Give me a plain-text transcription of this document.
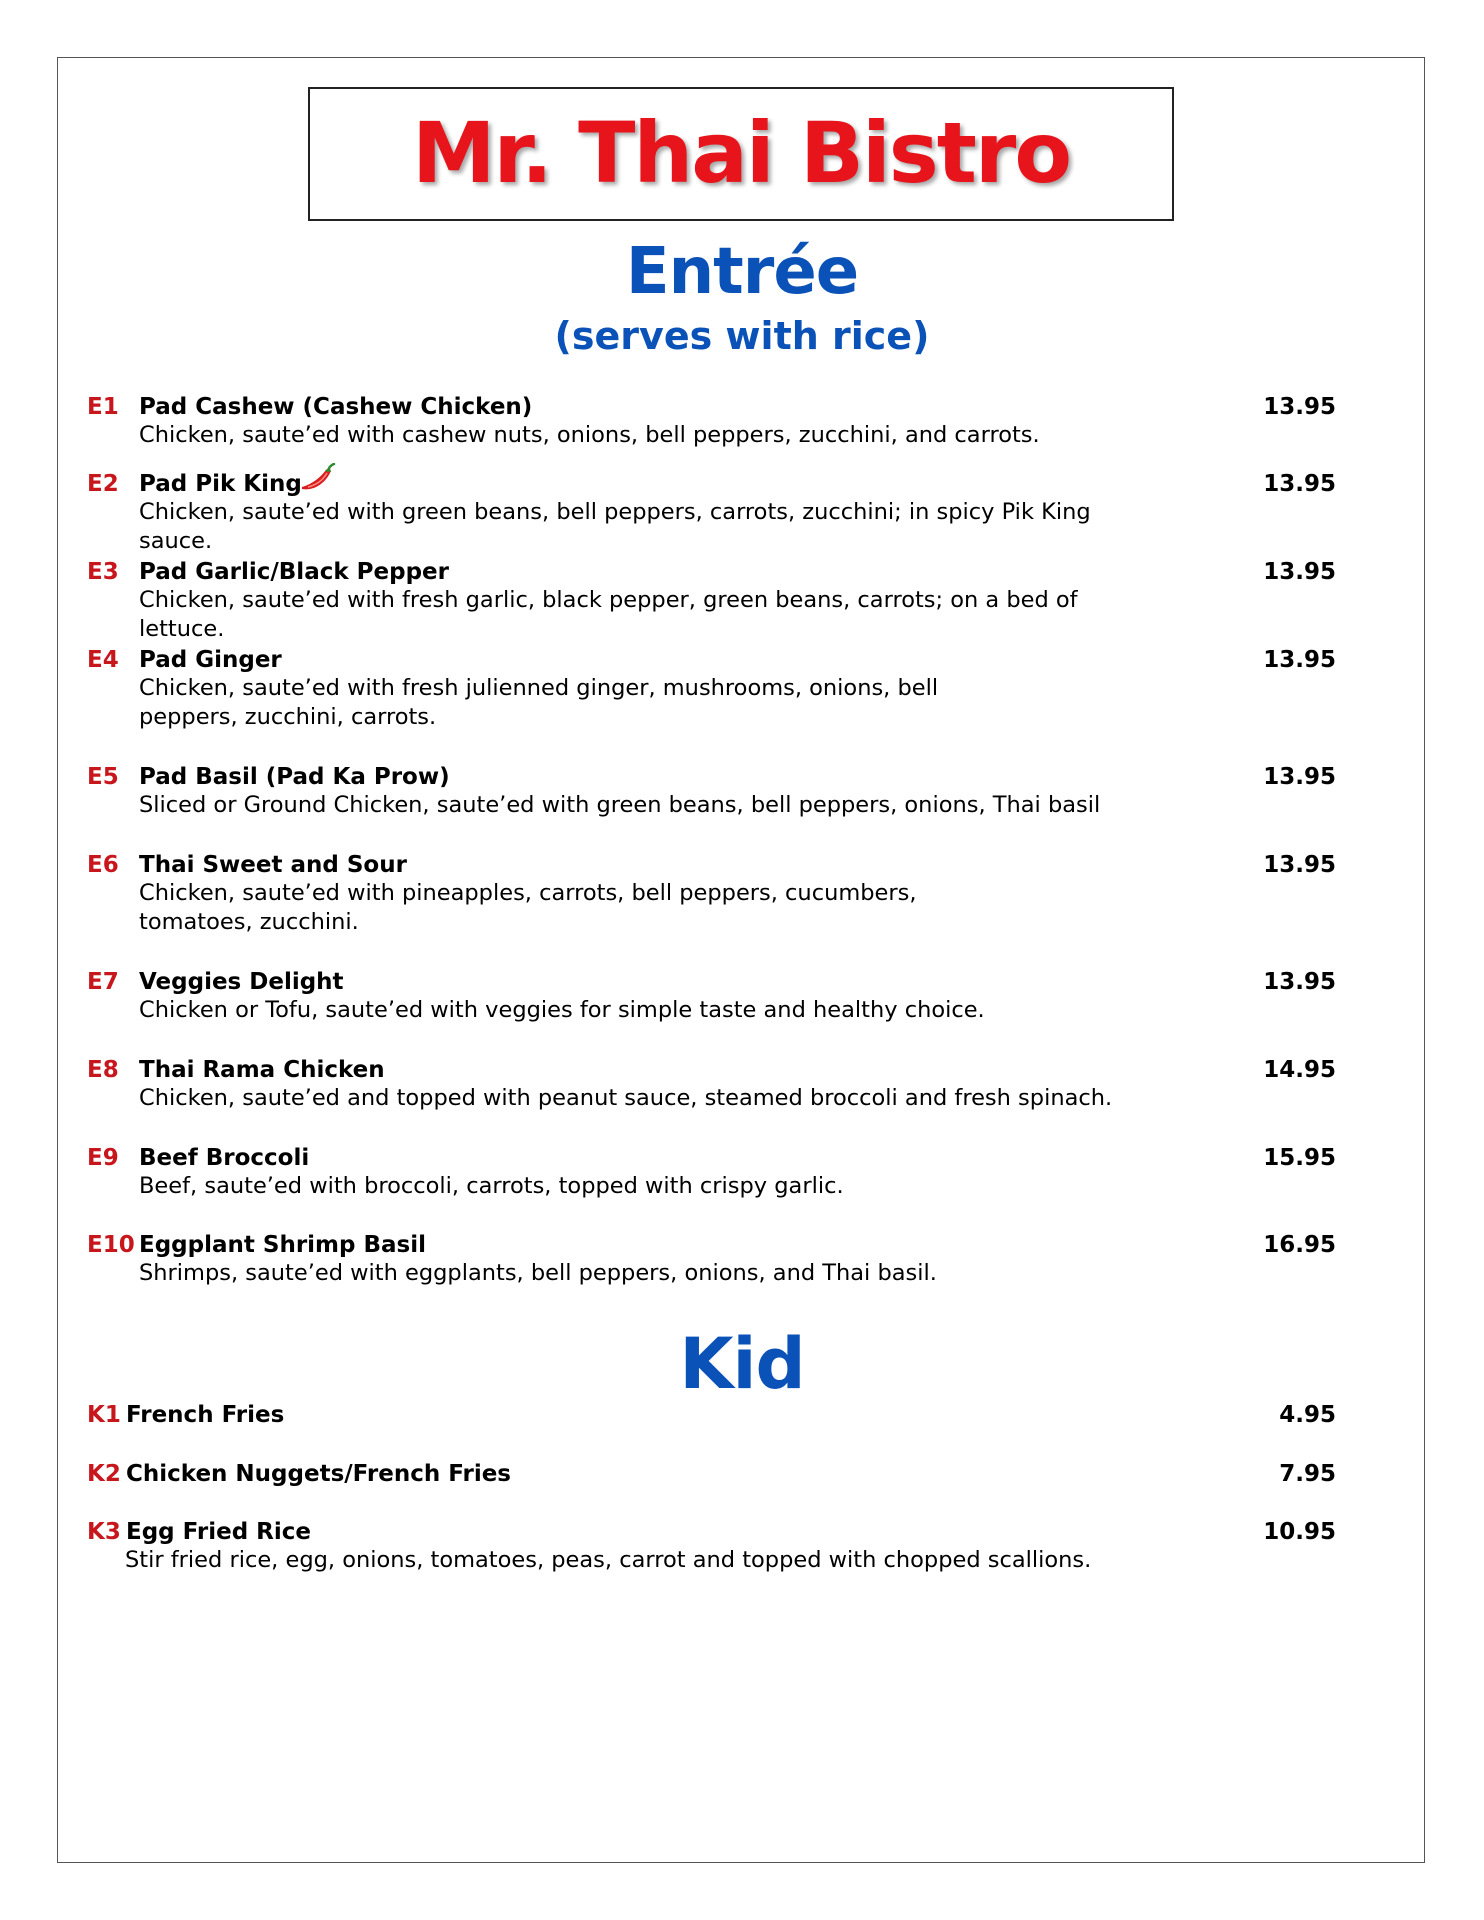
Mr. Thai Bistro
Entrée
(serves with rice)
E1 Pad Cashew (Cashew Chicken)	13.95
Chicken, saute’ed with cashew nuts, onions, bell peppers, zucchini, and carrots.
E2 Pad Pik King	13.95
Chicken, saute’ed with green beans, bell peppers, carrots, zucchini; in spicy Pik King sauce.
E3 Pad Garlic/Black Pepper	13.95
Chicken, saute’ed with fresh garlic, black pepper, green beans, carrots; on a bed of lettuce.
E4 Pad Ginger	13.95
Chicken, saute’ed with fresh julienned ginger, mushrooms, onions, bell peppers, zucchini, carrots.
E5 Pad Basil (Pad Ka Prow)	13.95
Sliced or Ground Chicken, saute’ed with green beans, bell peppers, onions, Thai basil
E6 Thai Sweet and Sour	13.95
Chicken, saute’ed with pineapples, carrots, bell peppers, cucumbers, tomatoes, zucchini.
E7 Veggies Delight	13.95
Chicken or Tofu, saute’ed with veggies for simple taste and healthy choice.
E8 Thai Rama Chicken	14.95
Chicken, saute’ed and topped with peanut sauce, steamed broccoli and fresh spinach.
E9 Beef Broccoli	15.95
Beef, saute’ed with broccoli, carrots, topped with crispy garlic.
E10 Eggplant Shrimp Basil	16.95
Shrimps, saute’ed with eggplants, bell peppers, onions, and Thai basil.
Kid
K1 French Fries	4.95
K2 Chicken Nuggets/French Fries	7.95
K3 Egg Fried Rice	10.95
Stir fried rice, egg, onions, tomatoes, peas, carrot and topped with chopped scallions.
